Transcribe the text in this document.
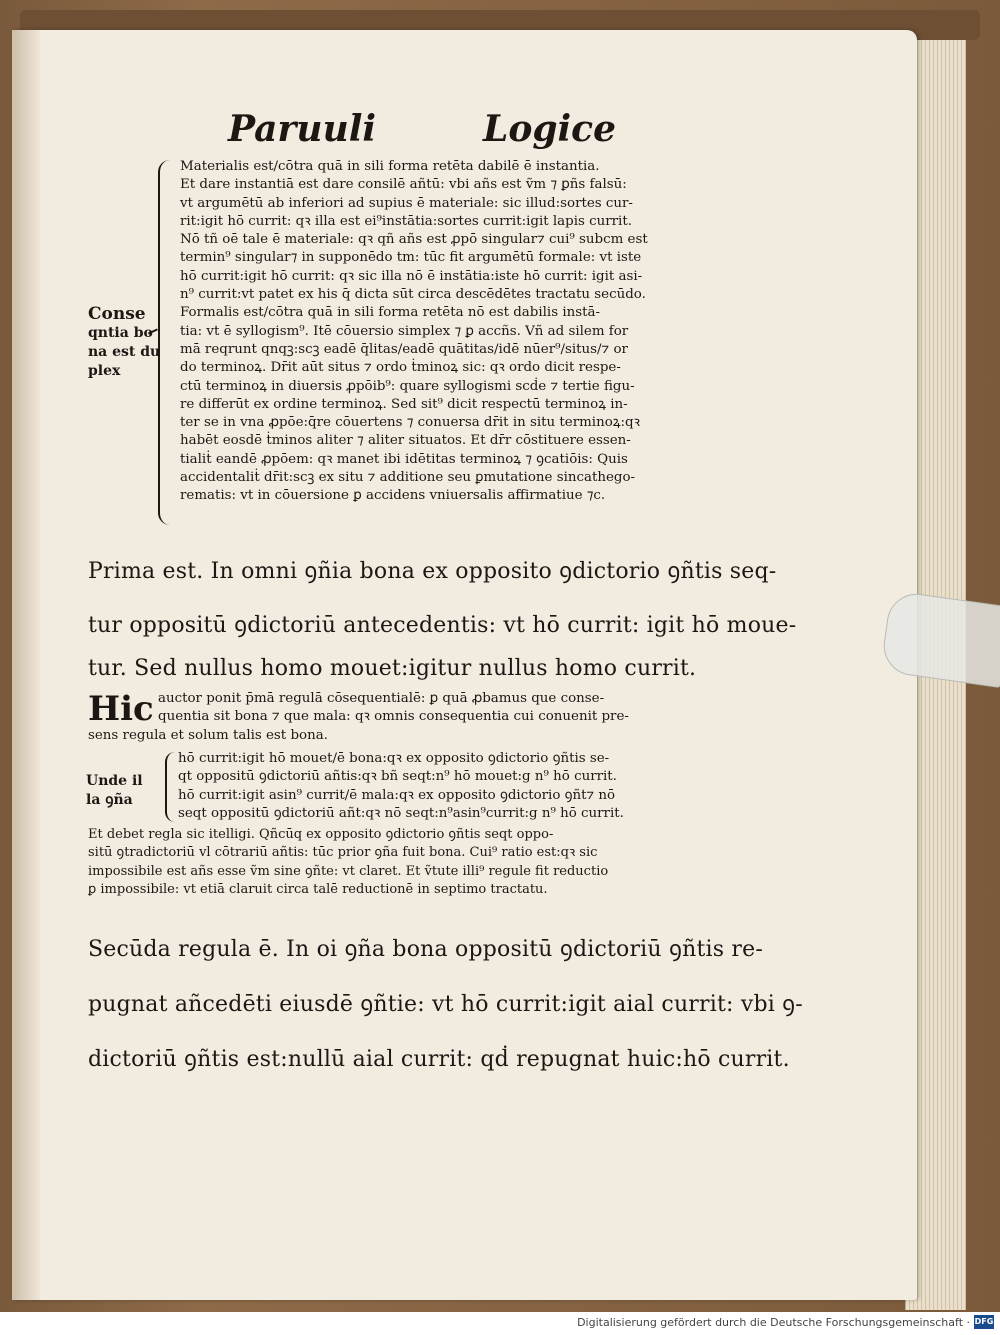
Paruuli	Logice
Materialis est/cōtra quā in sili forma retēta dabilē ē instantia.
Et dare instantiā est dare consilē añtū: vbi añs est ṽm ⁊ ꝑñs falsū:
vt argumētū ab inferiori ad supius ē materiale: sic illud:sortes cur-
rit:igit hō currit: qꝛ illa est ei⁹instātia:sortes currit:igit lapis currit.
Nō tñ oē tale ē materiale: qꝛ qñ añs est ꝓpō singular⁊ cui⁹ subcm est
termin⁹ singular⁊ in supponēdo tm: tūc fit argumētū formale: vt iste
hō currit:igit hō currit: qꝛ sic illa nō ē instātia:iste hō currit: igit asi-
n⁹ currit:vt patet ex his q̄ dicta sūt circa descēdētes tractatu secūdo.
Formalis est/cōtra quā in sili forma retēta nō est dabilis instā-
tia: vt ē syllogism⁹. Itē cōuersio simplex ⁊ ꝑ accñs. Vñ ad silem for
mā reqrunt qnqꝫ:scꝫ eadē q̄litas/eadē quātitas/idē nūer⁹/situs/⁊ or
do terminoꝝ. Dr̄it aūt situs ⁊ ordo ṫminoꝝ sic: qꝛ ordo dicit respe-
ctū terminoꝝ in diuersis ꝓpōib⁹: quare syllogismi scḋe ⁊ tertie figu-
re differūt ex ordine terminoꝝ. Sed sit⁹ dicit respectū terminoꝝ in-
ter se in vna ꝓpōe:q̄re cōuertens ⁊ conuersa dr̄it in situ terminoꝝ:qꝛ
habēt eosdē ṫminos aliter ⁊ aliter situatos. Et dr̄r cōstituere essen-
tialiṫ eandē ꝓpōem: qꝛ manet ibi idētitas terminoꝝ ⁊ ꝯcatiōis: Quis
accidentaliṫ dr̄it:scꝫ ex situ ⁊ additione seu ꝑmutatione sincathego-
rematis: vt in cōuersione ꝑ accidens vniuersalis affirmatiue ⁊c.
Conse
qntia bo
na est du
plex
Prima est. In omni ꝯñia bona ex opposito ꝯdictorio ꝯñtis seq-
tur oppositū ꝯdictoriū antecedentis: vt hō currit: igit hō moue-
tur. Sed nullus homo mouet:igitur nullus homo currit.
Hic auctor ponit p̄mā regulā cōsequentialē: ꝑ quā ꝓbamus que conse-
quentia sit bona ⁊ que mala: qꝛ omnis consequentia cui conuenit pre-
sens regula et solum talis est bona.
Unde il
la ꝯña
hō currit:igit hō mouet/ē bona:qꝛ ex opposito ꝯdictorio ꝯñtis se-
qt oppositū ꝯdictoriū añtis:qꝛ bñ seqt:n⁹ hō mouet:g n⁹ hō currit.
hō currit:igit asin⁹ currit/ē mala:qꝛ ex opposito ꝯdictorio ꝯñt⁊ nō
seqt oppositū ꝯdictoriū añt:qꝛ nō seqt:n⁹asin⁹currit:g n⁹ hō currit.
Et debet regla sic itelligi. Qñcūq ex opposito ꝯdictorio ꝯñtis seqt oppo-
sitū ꝯtradictoriū vl cōtrariū añtis: tūc prior ꝯña fuit bona. Cui⁹ ratio est:qꝛ sic
impossibile est añs esse ṽm sine ꝯñte: vt claret. Et ṽtute illi⁹ regule fit reductio
ꝑ impossibile: vt etiā claruit circa talē reductionē in septimo tractatu.
Secūda regula ē. In oi ꝯña bona oppositū ꝯdictoriū ꝯñtis re-
pugnat añcedēti eiusdē ꝯñtie: vt hō currit:igit aial currit: vbi ꝯ-
dictoriū ꝯñtis est:nullū aial currit: qḋ repugnat huic:hō currit.
Digitalisierung gefördert durch die Deutsche Forschungsgemeinschaft · DFG
